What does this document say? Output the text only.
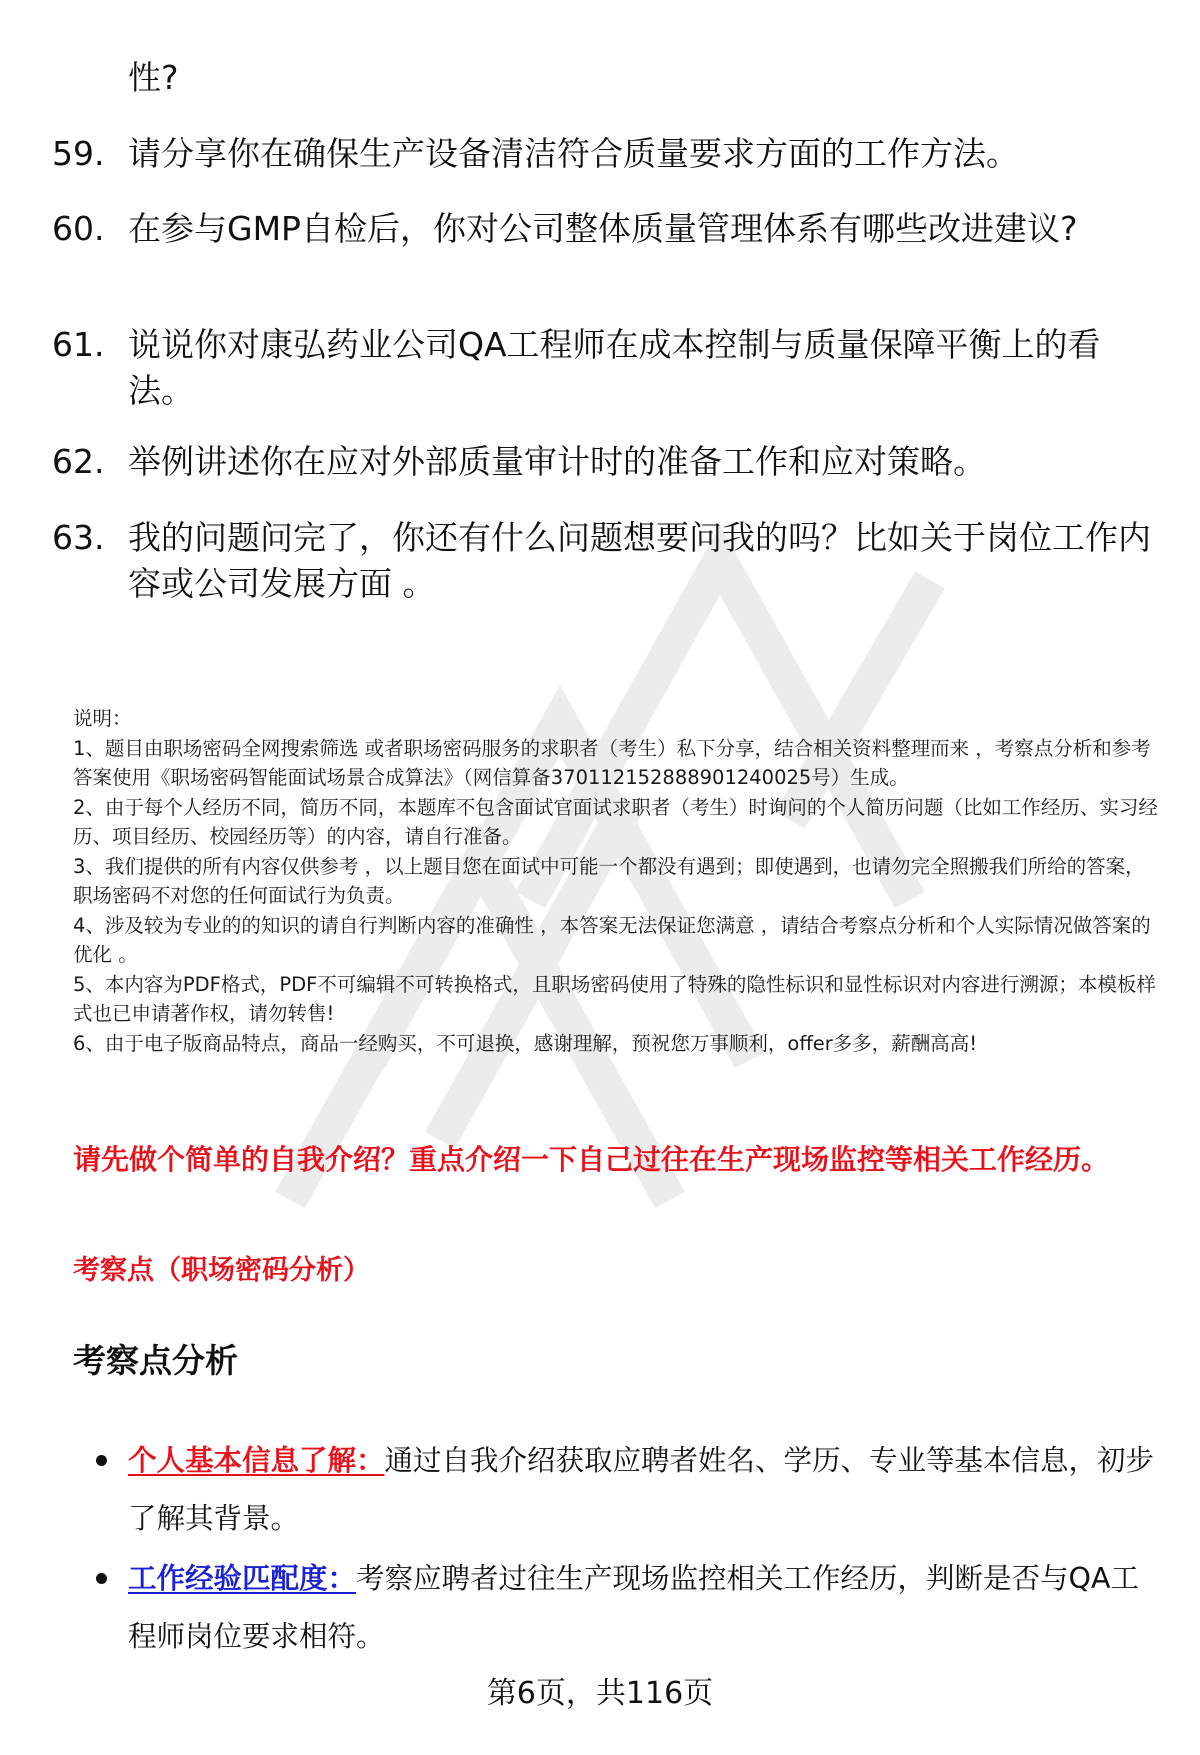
性?
59. 请分享你在确保生产设备清洁符合质量要求方面的工作方法。
60. 在参与GMP自检后，你对公司整体质量管理体系有哪些改进建议?
61. 说说你对康弘药业公司QA工程师在成本控制与质量保障平衡上的看法。
62. 举例讲述你在应对外部质量审计时的准备工作和应对策略。
63. 我的问题问完了，你还有什么问题想要问我的吗？比如关于岗位工作内容或公司发展方面 。

说明：

1、题目由职场密码全网搜索筛选 或者职场密码服务的求职者（考生）私下分享，结合相关资料整理而来 ，考察点分析和参考答案使用《职场密码智能面试场景合成算法》（网信算备370112152888901240025号）生成。

2、由于每个人经历不同，简历不同，本题库不包含面试官面试求职者（考生）时询问的个人简历问题（比如工作经历、实习经历、项目经历、校园经历等）的内容，请自行准备。

3、我们提供的所有内容仅供参考 ，以上题目您在面试中可能一个都没有遇到；即使遇到，也请勿完全照搬我们所给的答案，职场密码不对您的任何面试行为负责。

4、涉及较为专业的的知识的请自行判断内容的准确性 ，本答案无法保证您满意 ，请结合考察点分析和个人实际情况做答案的优化 。

5、本内容为PDF格式，PDF不可编辑不可转换格式，且职场密码使用了特殊的隐性标识和显性标识对内容进行溯源；本模板样式也已申请著作权，请勿转售!

6、由于电子版商品特点，商品一经购买，不可退换，感谢理解，预祝您万事顺利，offer多多，薪酬高高!

请先做个简单的自我介绍？重点介绍一下自己过往在生产现场监控等相关工作经历。
考察点（职场密码分析）
考察点分析
个人基本信息了解：通过自我介绍获取应聘者姓名、学历、专业等基本信息，初步了解其背景。
工作经验匹配度：考察应聘者过往生产现场监控相关工作经历，判断是否与QA工程师岗位要求相符。
第6页，共116页
